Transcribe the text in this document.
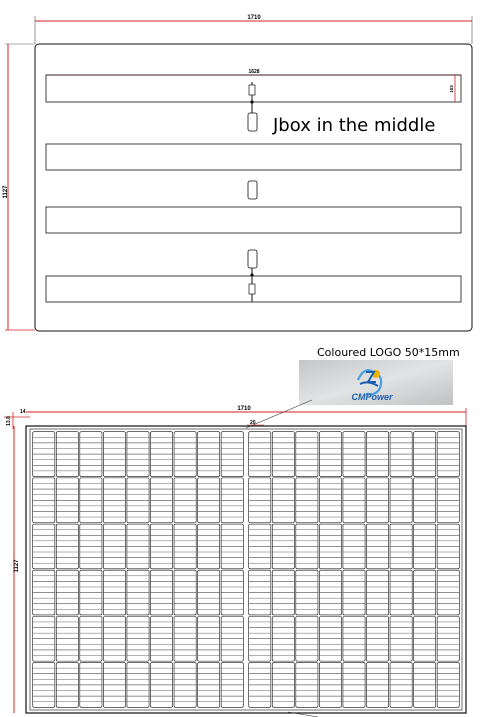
1710
1127
1628
103
Jbox in the middle
Coloured LOGO 50*15mm
CMPower
1710
13.8
14
1127
20
